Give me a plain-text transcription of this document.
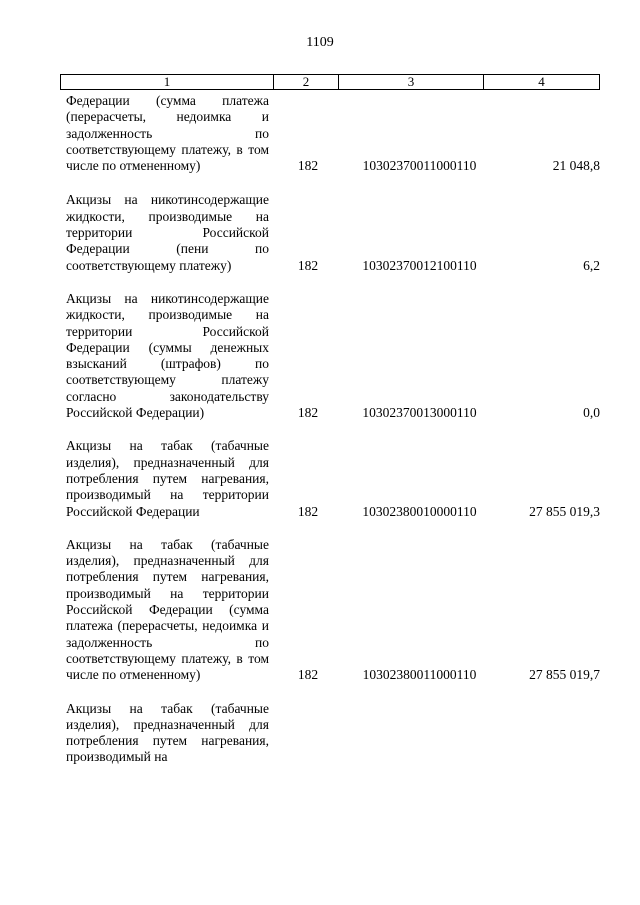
1109
1	2	3	4
Федерации (сумма платежа (перерасчеты, недоимка и задолженность по соответствующему платежу, в том числе по отмененному)	182	10302370011000110	21 048,8
Акцизы на никотинсодержащие жидкости, производимые на территории Российской Федерации (пени по соответствующему платежу)	182	10302370012100110	6,2
Акцизы на никотинсодержащие жидкости, производимые на территории Российской Федерации (суммы денежных взысканий (штрафов) по соответствующему платежу согласно законодательству Российской Федерации)	182	10302370013000110	0,0
Акцизы на табак (табачные изделия), предназначенный для потребления путем нагревания, производимый на территории Российской Федерации	182	10302380010000110	27 855 019,3
Акцизы на табак (табачные изделия), предназначенный для потребления путем нагревания, производимый на территории Российской Федерации (сумма платежа (перерасчеты, недоимка и задолженность по соответствующему платежу, в том числе по отмененному)	182	10302380011000110	27 855 019,7
Акцизы на табак (табачные изделия), предназначенный для потребления путем нагревания, производимый на
